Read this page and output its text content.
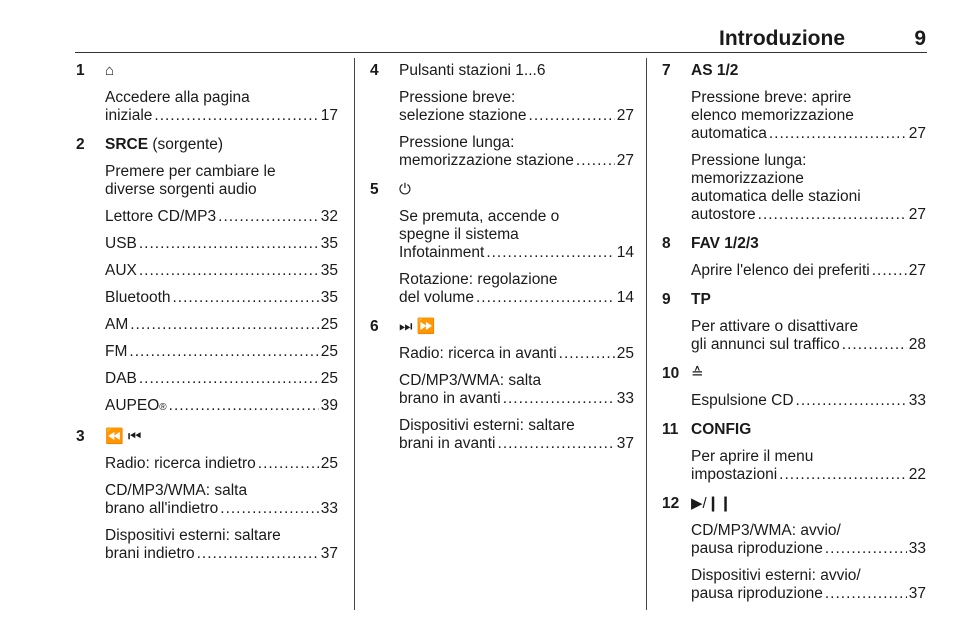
Introduzione	9
1 ⌂
Accedere alla pagina
iniziale .....	17
2 SRCE (sorgente)
Premere per cambiare le
diverse sorgenti audio
Lettore CD/MP3 .....	32
USB .....	35
AUX .....	35
Bluetooth .....	35
AM .....	25
FM .....	25
DAB .....	25
AUPEO ® .....	39
3 ⏪ ⏮
Radio: ricerca indietro .....	25
CD/MP3/WMA: salta
brano all'indietro .....	33
Dispositivi esterni: saltare
brani indietro .....	37
4 Pulsanti stazioni 1...6
Pressione breve:
selezione stazione .....	27
Pressione lunga:
memorizzazione stazione .....	27
5 ⏻
Se premuta, accende o
spegne il sistema
Infotainment .....	14
Rotazione: regolazione
del volume .....	14
6 ⏭ ⏩
Radio: ricerca in avanti .....	25
CD/MP3/WMA: salta
brano in avanti .....	33
Dispositivi esterni: saltare
brani in avanti .....	37
7 AS 1/2
Pressione breve: aprire
elenco memorizzazione
automatica .....	27
Pressione lunga:
memorizzazione
automatica delle stazioni
autostore .....	27
8 FAV 1/2/3
Aprire l'elenco dei preferiti .....	27
9 TP
Per attivare o disattivare
gli annunci sul traffico .....	28
10 ≙
Espulsione CD .....	33
11 CONFIG
Per aprire il menu
impostazioni .....	22
12 ▶/❙❙
CD/MP3/WMA: avvio/
pausa riproduzione .....	33
Dispositivi esterni: avvio/
pausa riproduzione .....	37
